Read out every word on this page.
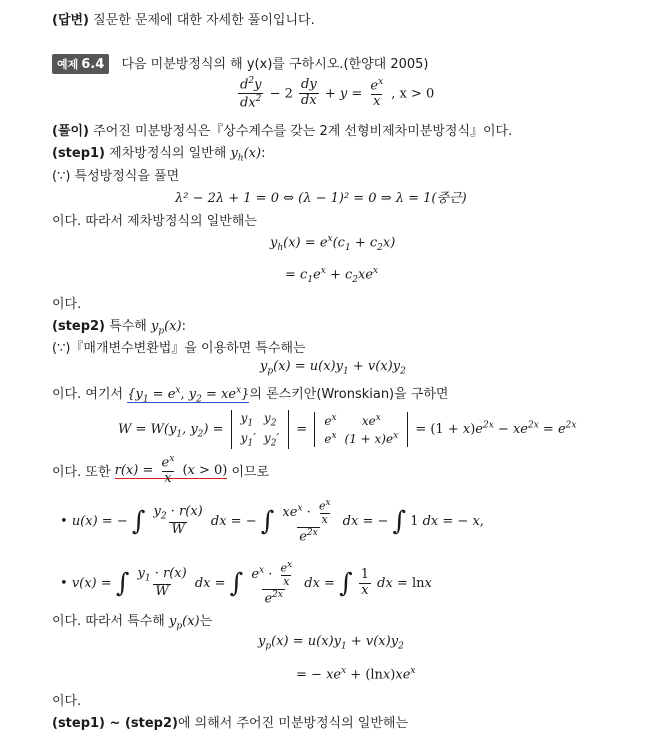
(답변) 질문한 문제에 대한 자세한 풀이입니다.
예제 6.4 다음 미분방정식의 해 y(x)를 구하시오.(한양대 2005)
$\frac{d^2y}{dx^2} - 2 \frac{dy}{dx} + y = \frac{e^x}{x}$ , x > 0
(풀이) 주어진 미분방정식은『상수계수를 갖는 2계 선형비제차미분방정식』이다.
(step1) 제차방정식의 일반해 $y_h(x)$:
(∵) 특성방정식을 풀면
λ² − 2λ + 1 = 0 ⇔ (λ − 1)² = 0 ⇒ λ = 1(중근)
이다. 따라서 제차방정식의 일반해는
$y_h(x) = e^x(c_1 + c_2x)$
= $c_1e^x + c_2xe^x$
이다.
(step2) 특수해 $y_p(x)$:
(∵)『매개변수변환법』을 이용하면 특수해는
$y_p(x) = u(x)y_1 + v(x)y_2$
이다. 여기서 {$y_1 = e^x$, $y_2 = xe^x$}의 론스키안(Wronskian)을 구하면
$W = W(y_1$, $y_2$) =
$y_1$	$y_2$
$y_1'$	$y_2'$
=
$e^x$	$xe^x$
$e^x$	$(1 + x)e^x = (1 + x)e^{2x} - xe^{2x} = e^{2x}$
이다. 또한 $r(x) = \frac{e^x}{x} (x > 0)$ 이므로
• u(x) = − ∫ $\frac{y_2 \cdot r(x)}{W}$ dx = − ∫ $\frac{xe^x \cdot \frac{e^x}{x}}{e^{2x}}$ dx = − ∫ 1 dx = − x,
• v(x) = ∫ $\frac{y_1 \cdot r(x)}{W}$ dx = ∫ $\frac{e^x \cdot \frac{e^x}{x}}{e^{2x}}$ dx = ∫ $\frac{1}{x}$ dx = lnx
이다. 따라서 특수해 $y_p(x)$는
$y_p(x) = u(x)y_1 + v(x)y_2$
= − $xe^x + (\ln x)xe^x$
이다.
(step1) ~ (step2)에 의해서 주어진 미분방정식의 일반해는
